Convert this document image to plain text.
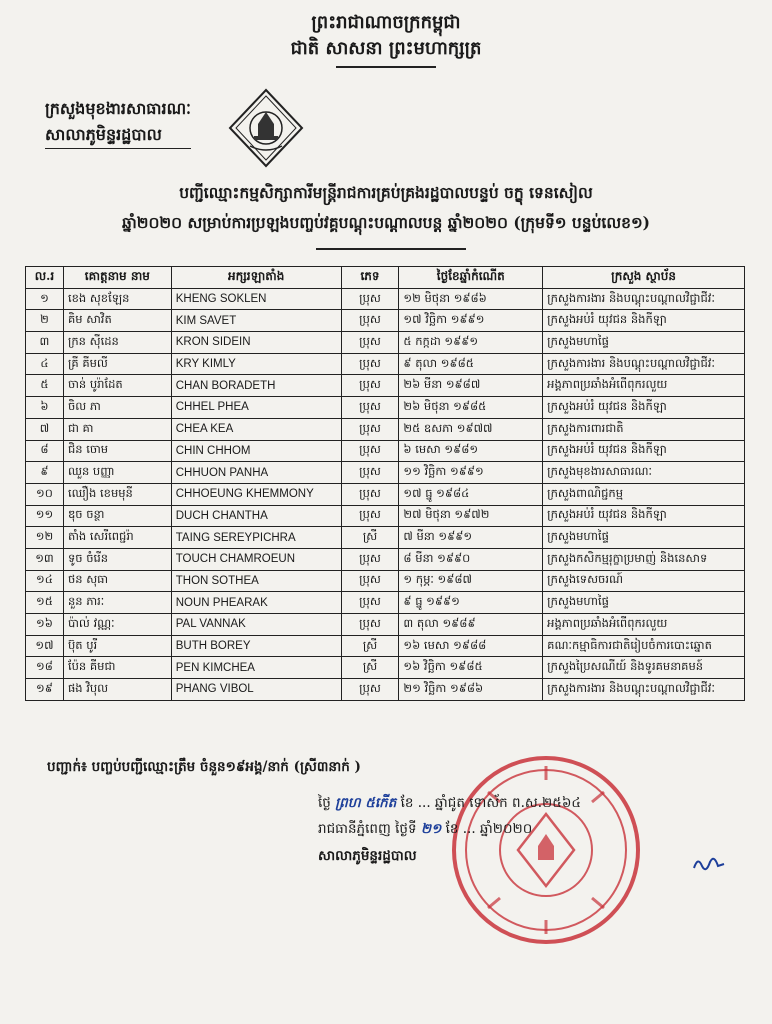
ព្រះរាជាណាចក្រកម្ពុជា
ជាតិ សាសនា ព្រះមហាក្សត្រ
ក្រសួងមុខងារសាធារណៈ
សាលាភូមិន្ទរដ្ឋបាល
បញ្ជីឈ្មោះកម្មសិក្សាការីមន្ត្រីរាជការគ្រប់គ្រងរដ្ឋបាលបន្ទប់ ចក្ខុ ទេនសៀល
ឆ្នាំ២០២០ សម្រាប់ការប្រឡងបញ្ចប់វគ្គបណ្តុះបណ្តាលបន្ត ឆ្នាំ២០២០ (ក្រុមទី១ បន្ទប់លេខ១)
ល.រ	គោត្តនាម នាម	អក្សរឡាតាំង	ភេទ	ថ្ងៃខែឆ្នាំកំណើត	ក្រសួង ស្ថាប័ន
១	ខេង សុខឡែន	KHENG SOKLEN	ប្រុស	១២ មិថុនា ១៩៨៦	ក្រសួងការងារ និងបណ្តុះបណ្តាលវិជ្ជាជីវៈ
២	គិម សាវិត	KIM SAVET	ប្រុស	១៧ វិច្ឆិកា ១៩៩១	ក្រសួងអប់រំ យុវជន និងកីឡា
៣	ក្រន ស៊ីដេន	KRON SIDEIN	ប្រុស	៥ កក្កដា ១៩៩១	ក្រសួងមហាផ្ទៃ
៤	គ្រី គីមលី	KRY KIMLY	ប្រុស	៩ តុលា ១៩៨៥	ក្រសួងការងារ និងបណ្តុះបណ្តាលវិជ្ជាជីវៈ
៥	ចាន់ បូរ៉ាដែត	CHAN BORADETH	ប្រុស	២៦ មីនា ១៩៨៧	អង្គភាពប្រឆាំងអំពើពុករលួយ
៦	ចិល ភា	CHHEL PHEA	ប្រុស	២៦ មិថុនា ១៩៨៥	ក្រសួងអប់រំ យុវជន និងកីឡា
៧	ជា គា	CHEA KEA	ប្រុស	២៥ ឧសភា ១៩៧៧	ក្រសួងការពារជាតិ
៨	ជិន ចោម	CHIN CHHOM	ប្រុស	៦ មេសា ១៩៨១	ក្រសួងអប់រំ យុវជន និងកីឡា
៩	ឈួន បញ្ញា	CHHUON PANHA	ប្រុស	១១ វិច្ឆិកា ១៩៩១	ក្រសួងមុខងារសាធារណៈ
១០	ឈឿង ខេមមុនី	CHHOEUNG KHEMMONY	ប្រុស	១៧ ធ្នូ ១៩៨៤	ក្រសួងពាណិជ្ជកម្ម
១១	ឌុច ចន្ថា	DUCH CHANTHA	ប្រុស	២៧ មិថុនា ១៩៧២	ក្រសួងអប់រំ យុវជន និងកីឡា
១២	តាំង សេរីពេជ្ជរ៉ា	TAING SEREYPICHRA	ស្រី	៧ មីនា ១៩៩១	ក្រសួងមហាផ្ទៃ
១៣	ទូច ចំរើន	TOUCH CHAMROEUN	ប្រុស	៨ មីនា ១៩៩០	ក្រសួងកសិកម្មរុក្ខាប្រមាញ់ និងនេសាទ
១៤	ថន សុធា	THON SOTHEA	ប្រុស	១ កុម្ភៈ ១៩៨៧	ក្រសួងទេសចរណ៍
១៥	នួន ភារៈ	NOUN PHEARAK	ប្រុស	៩ ធ្នូ ១៩៩១	ក្រសួងមហាផ្ទៃ
១៦	ប៉ាល់ វណ្ណៈ	PAL VANNAK	ប្រុស	៣ តុលា ១៩៨៩	អង្គភាពប្រឆាំងអំពើពុករលួយ
១៧	ប៊ុត បូរី	BUTH BOREY	ស្រី	១៦ មេសា ១៩៨៨	គណៈកម្មាធិការជាតិរៀបចំការបោះឆ្នោត
១៨	ប៉ែន គីមជា	PEN KIMCHEA	ស្រី	១៦ វិច្ឆិកា ១៩៨៥	ក្រសួងប្រៃសណីយ៍ និងទូរគមនាគមន៍
១៩	ផង វិបុល	PHANG VIBOL	ប្រុស	២១ វិច្ឆិកា ១៩៨៦	ក្រសួងការងារ និងបណ្តុះបណ្តាលវិជ្ជាជីវៈ
បញ្ជាក់៖ បញ្ចប់បញ្ជីឈ្មោះត្រឹម ចំនួន១៩អង្គ/នាក់ (ស្រី៣នាក់ )
ថ្ងៃ ព្រហ ៥កើត ខែ ... ឆ្នាំជូត ទោស័ក ព.ស.២៥៦៤
រាជធានីភ្នំពេញ ថ្ងៃទី ២១ ខែ ... ឆ្នាំ២០២០
សាលាភូមិន្ទរដ្ឋបាល
